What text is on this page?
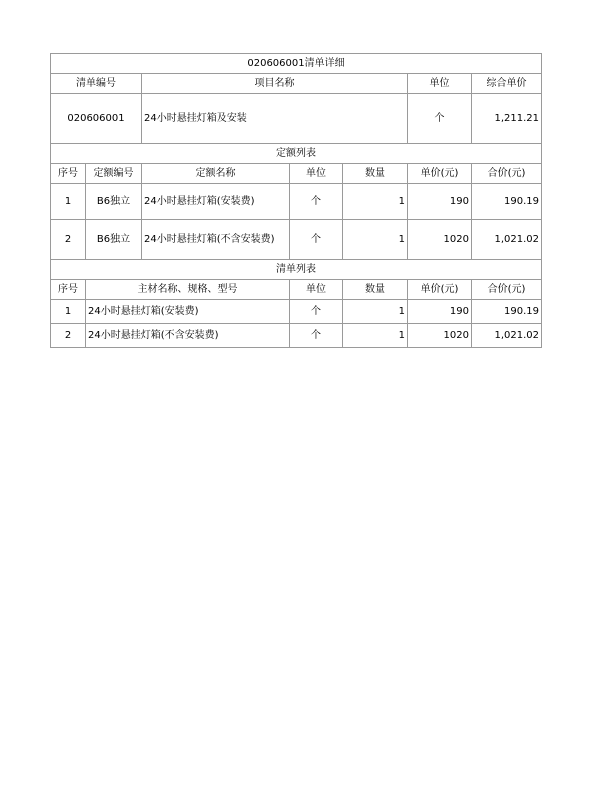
020606001清单详细						
清单编号		项目名称			单位	综合单价
020606001		24小时悬挂灯箱及安装			个	1,211.21
定额列表						
序号	定额编号	定额名称	单位	数量	单价(元)	合价(元)
1	B6独立	24小时悬挂灯箱(安装费)	个	1	190	190.19
2	B6独立	24小时悬挂灯箱(不含安装费)	个	1	1020	1,021.02
清单列表						
序号	主材名称、规格、型号		单位	数量	单价(元)	合价(元)
1	24小时悬挂灯箱(安装费)		个	1	190	190.19
2	24小时悬挂灯箱(不含安装费)		个	1	1020	1,021.02
